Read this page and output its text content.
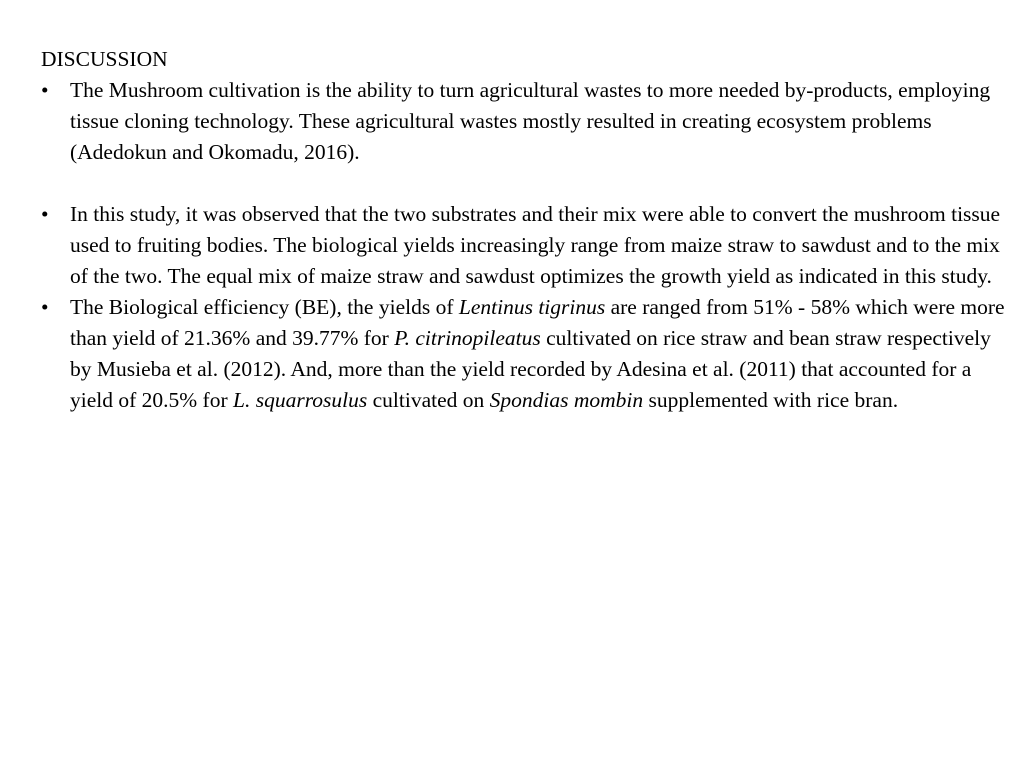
DISCUSSION
• The Mushroom cultivation is the ability to turn agricultural wastes to more needed by-products, employing tissue cloning technology. These agricultural wastes mostly resulted in creating ecosystem problems (Adedokun and Okomadu, 2016).
• In this study, it was observed that the two substrates and their mix were able to convert the mushroom tissue used to fruiting bodies. The biological yields increasingly range from maize straw to sawdust and to the mix of the two. The equal mix of maize straw and sawdust optimizes the growth yield as indicated in this study.
• The Biological efficiency (BE), the yields of Lentinus tigrinus are ranged from 51% - 58% which were more than yield of 21.36% and 39.77% for P. citrinopileatus cultivated on rice straw and bean straw respectively by Musieba et al. (2012). And, more than the yield recorded by Adesina et al. (2011) that accounted for a yield of 20.5% for L. squarrosulus cultivated on Spondias mombin supplemented with rice bran.
